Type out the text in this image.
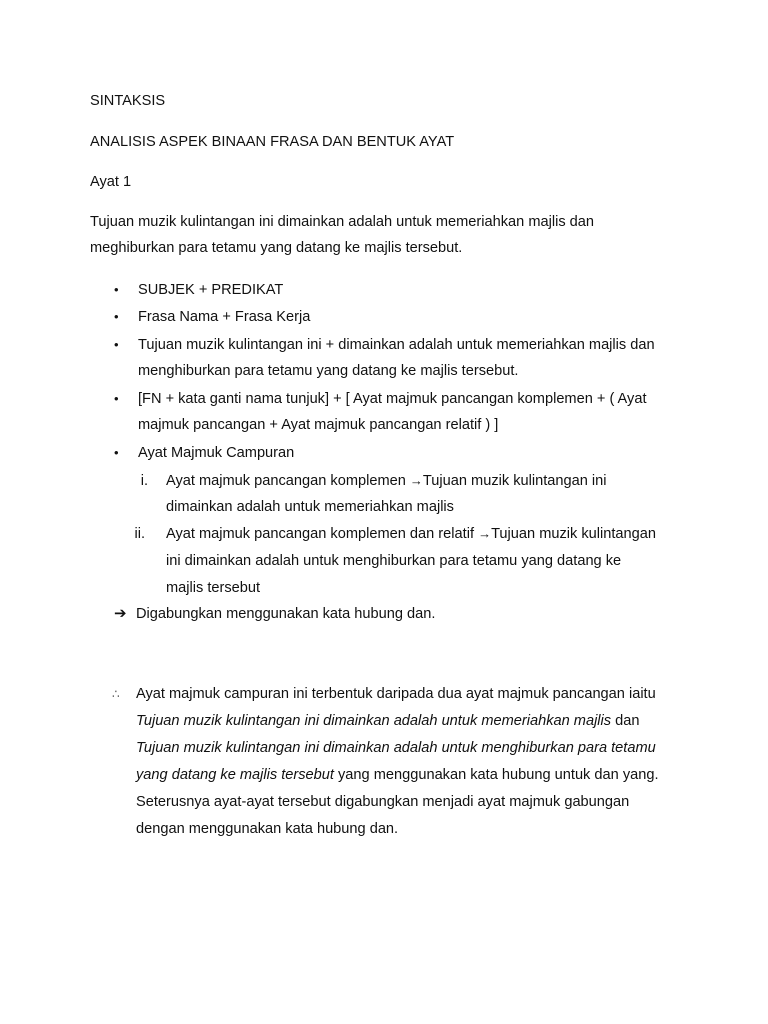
SINTAKSIS
ANALISIS ASPEK BINAAN FRASA DAN BENTUK AYAT
Ayat 1
Tujuan muzik kulintangan ini dimainkan adalah untuk memeriahkan majlis dan
meghiburkan para tetamu yang datang ke majlis tersebut.
• SUBJEK + PREDIKAT
• Frasa Nama + Frasa Kerja
• Tujuan muzik kulintangan ini + dimainkan adalah untuk memeriahkan majlis dan
menghiburkan para tetamu yang datang ke majlis tersebut.
• [FN + kata ganti nama tunjuk] + [ Ayat majmuk pancangan komplemen + ( Ayat
majmuk pancangan + Ayat majmuk pancangan relatif ) ]
• Ayat Majmuk Campuran
i. Ayat majmuk pancangan komplemen →Tujuan muzik kulintangan ini
dimainkan adalah untuk memeriahkan majlis
ii. Ayat majmuk pancangan komplemen dan relatif →Tujuan muzik kulintangan
ini dimainkan adalah untuk menghiburkan para tetamu yang datang ke
majlis tersebut
➔ Digabungkan menggunakan kata hubung dan.
∴ Ayat majmuk campuran ini terbentuk daripada dua ayat majmuk pancangan iaitu
Tujuan muzik kulintangan ini dimainkan adalah untuk memeriahkan majlis dan
Tujuan muzik kulintangan ini dimainkan adalah untuk menghiburkan para tetamu
yang datang ke majlis tersebut yang menggunakan kata hubung untuk dan yang.
Seterusnya ayat-ayat tersebut digabungkan menjadi ayat majmuk gabungan
dengan menggunakan kata hubung dan.
